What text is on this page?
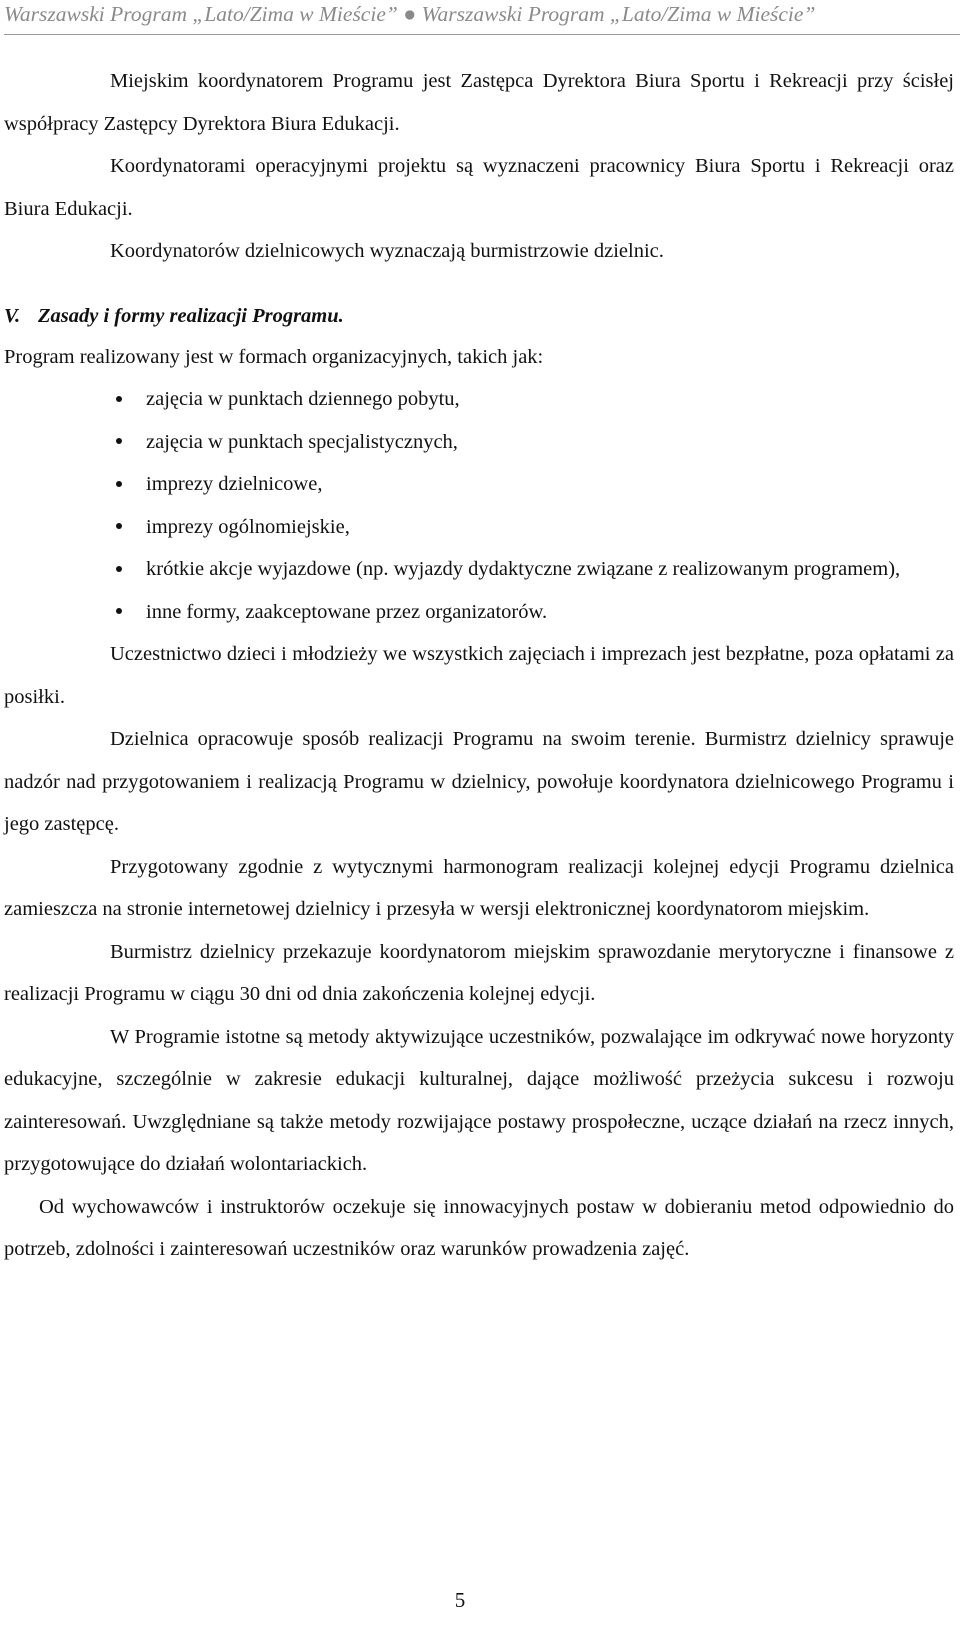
Warszawski Program „Lato/Zima w Mieście” ● Warszawski Program „Lato/Zima w Mieście”

Miejskim koordynatorem Programu jest Zastępca Dyrektora Biura Sportu i Rekreacji przy ścisłej współpracy Zastępcy Dyrektora Biura Edukacji.

Koordynatorami operacyjnymi projektu są wyznaczeni pracownicy Biura Sportu i Rekreacji oraz Biura Edukacji.

Koordynatorów dzielnicowych wyznaczają burmistrzowie dzielnic.

V. Zasady i formy realizacji Programu.

Program realizowany jest w formach organizacyjnych, takich jak:

zajęcia w punktach dziennego pobytu,
zajęcia w punktach specjalistycznych,
imprezy dzielnicowe,
imprezy ogólnomiejskie,
krótkie akcje wyjazdowe (np. wyjazdy dydaktyczne związane z realizowanym programem),
inne formy, zaakceptowane przez organizatorów.

Uczestnictwo dzieci i młodzieży we wszystkich zajęciach i imprezach jest bezpłatne, poza opłatami za posiłki.

Dzielnica opracowuje sposób realizacji Programu na swoim terenie. Burmistrz dzielnicy sprawuje nadzór nad przygotowaniem i realizacją Programu w dzielnicy, powołuje koordynatora dzielnicowego Programu i jego zastępcę.

Przygotowany zgodnie z wytycznymi harmonogram realizacji kolejnej edycji Programu dzielnica zamieszcza na stronie internetowej dzielnicy i przesyła w wersji elektronicznej koordynatorom miejskim.

Burmistrz dzielnicy przekazuje koordynatorom miejskim sprawozdanie merytoryczne i finansowe z realizacji Programu w ciągu 30 dni od dnia zakończenia kolejnej edycji.

W Programie istotne są metody aktywizujące uczestników, pozwalające im odkrywać nowe horyzonty edukacyjne, szczególnie w zakresie edukacji kulturalnej, dające możliwość przeżycia sukcesu i rozwoju zainteresowań. Uwzględniane są także metody rozwijające postawy prospołeczne, uczące działań na rzecz innych, przygotowujące do działań wolontariackich.

Od wychowawców i instruktorów oczekuje się innowacyjnych postaw w dobieraniu metod odpowiednio do potrzeb, zdolności i zainteresowań uczestników oraz warunków prowadzenia zajęć.

5
